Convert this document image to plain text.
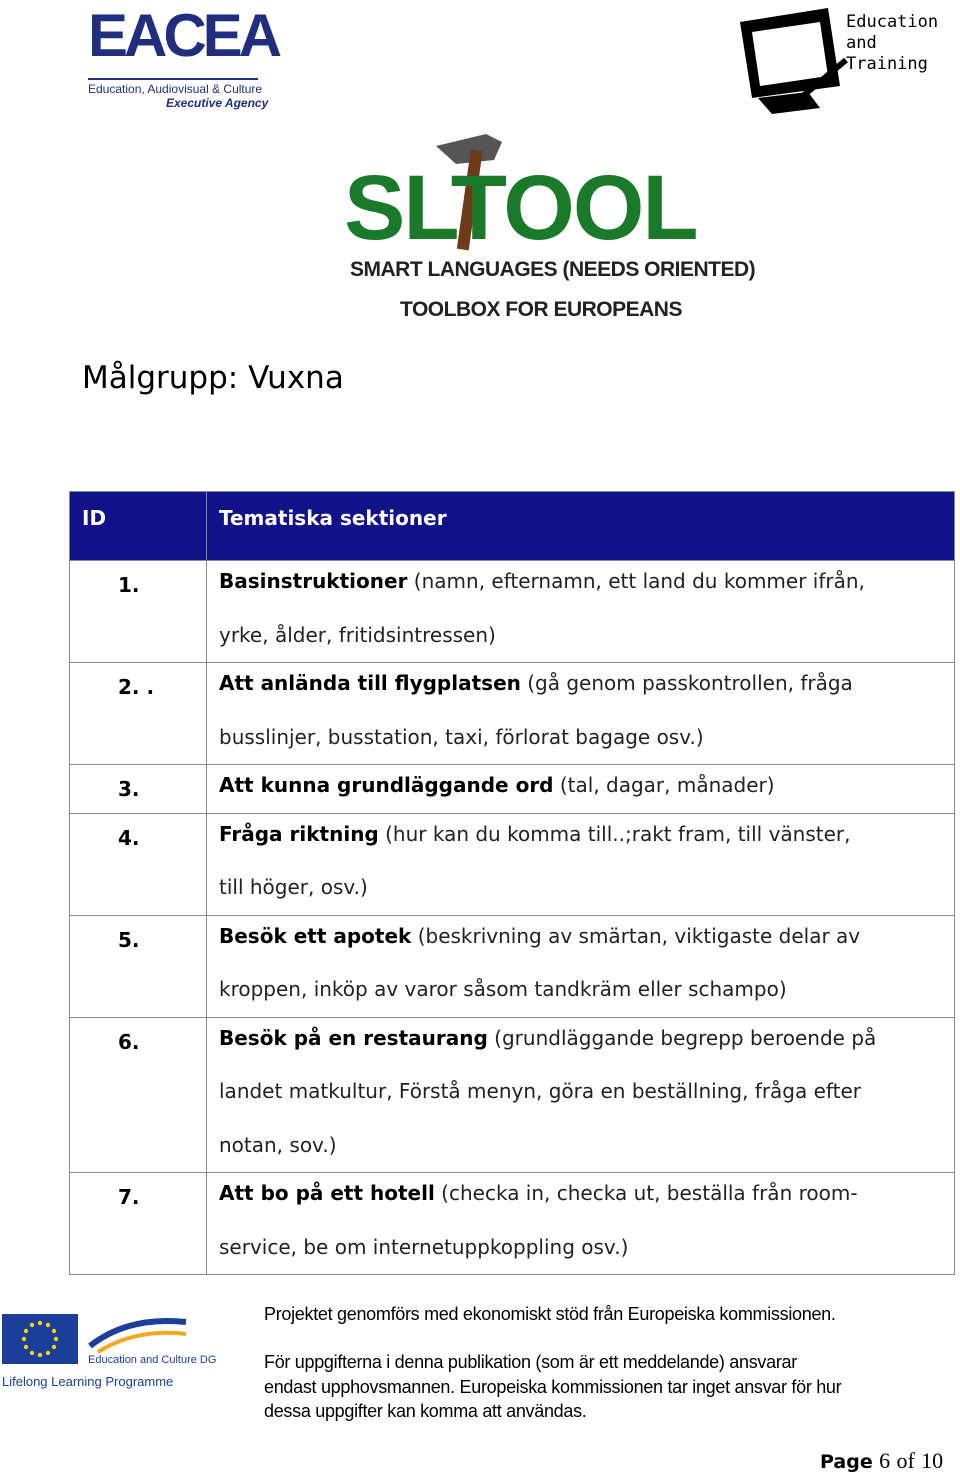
EACEA
Education, Audiovisual & Culture
Executive Agency
Education
and
Training
SLTOOL
SMART LANGUAGES (NEEDS ORIENTED)
TOOLBOX FOR EUROPEANS
Målgrupp: Vuxna
ID	Tematiska sektioner

1.	Basinstruktioner (namn, efternamn, ett land du kommer ifrån,
yrke, ålder, fritidsintressen)

2. .	Att anlända till flygplatsen (gå genom passkontrollen, fråga
busslinjer, busstation, taxi, förlorat bagage osv.)

3.	Att kunna grundläggande ord (tal, dagar, månader)

4.	Fråga riktning (hur kan du komma till..;rakt fram, till vänster,
till höger, osv.)

5.	Besök ett apotek (beskrivning av smärtan, viktigaste delar av
kroppen, inköp av varor såsom tandkräm eller schampo)

6.	Besök på en restaurang (grundläggande begrepp beroende på
landet matkultur, Förstå menyn, göra en beställning, fråga efter
notan, sov.)

7.	Att bo på ett hotell (checka in, checka ut, beställa från room-
service, be om internetuppkoppling osv.)
Education and Culture DG
Lifelong Learning Programme
Projektet genomförs med ekonomiskt stöd från Europeiska kommissionen.
För uppgifterna i denna publikation (som är ett meddelande) ansvarar
endast upphovsmannen. Europeiska kommissionen tar inget ansvar för hur
dessa uppgifter kan komma att användas.
Page 6 of 10
